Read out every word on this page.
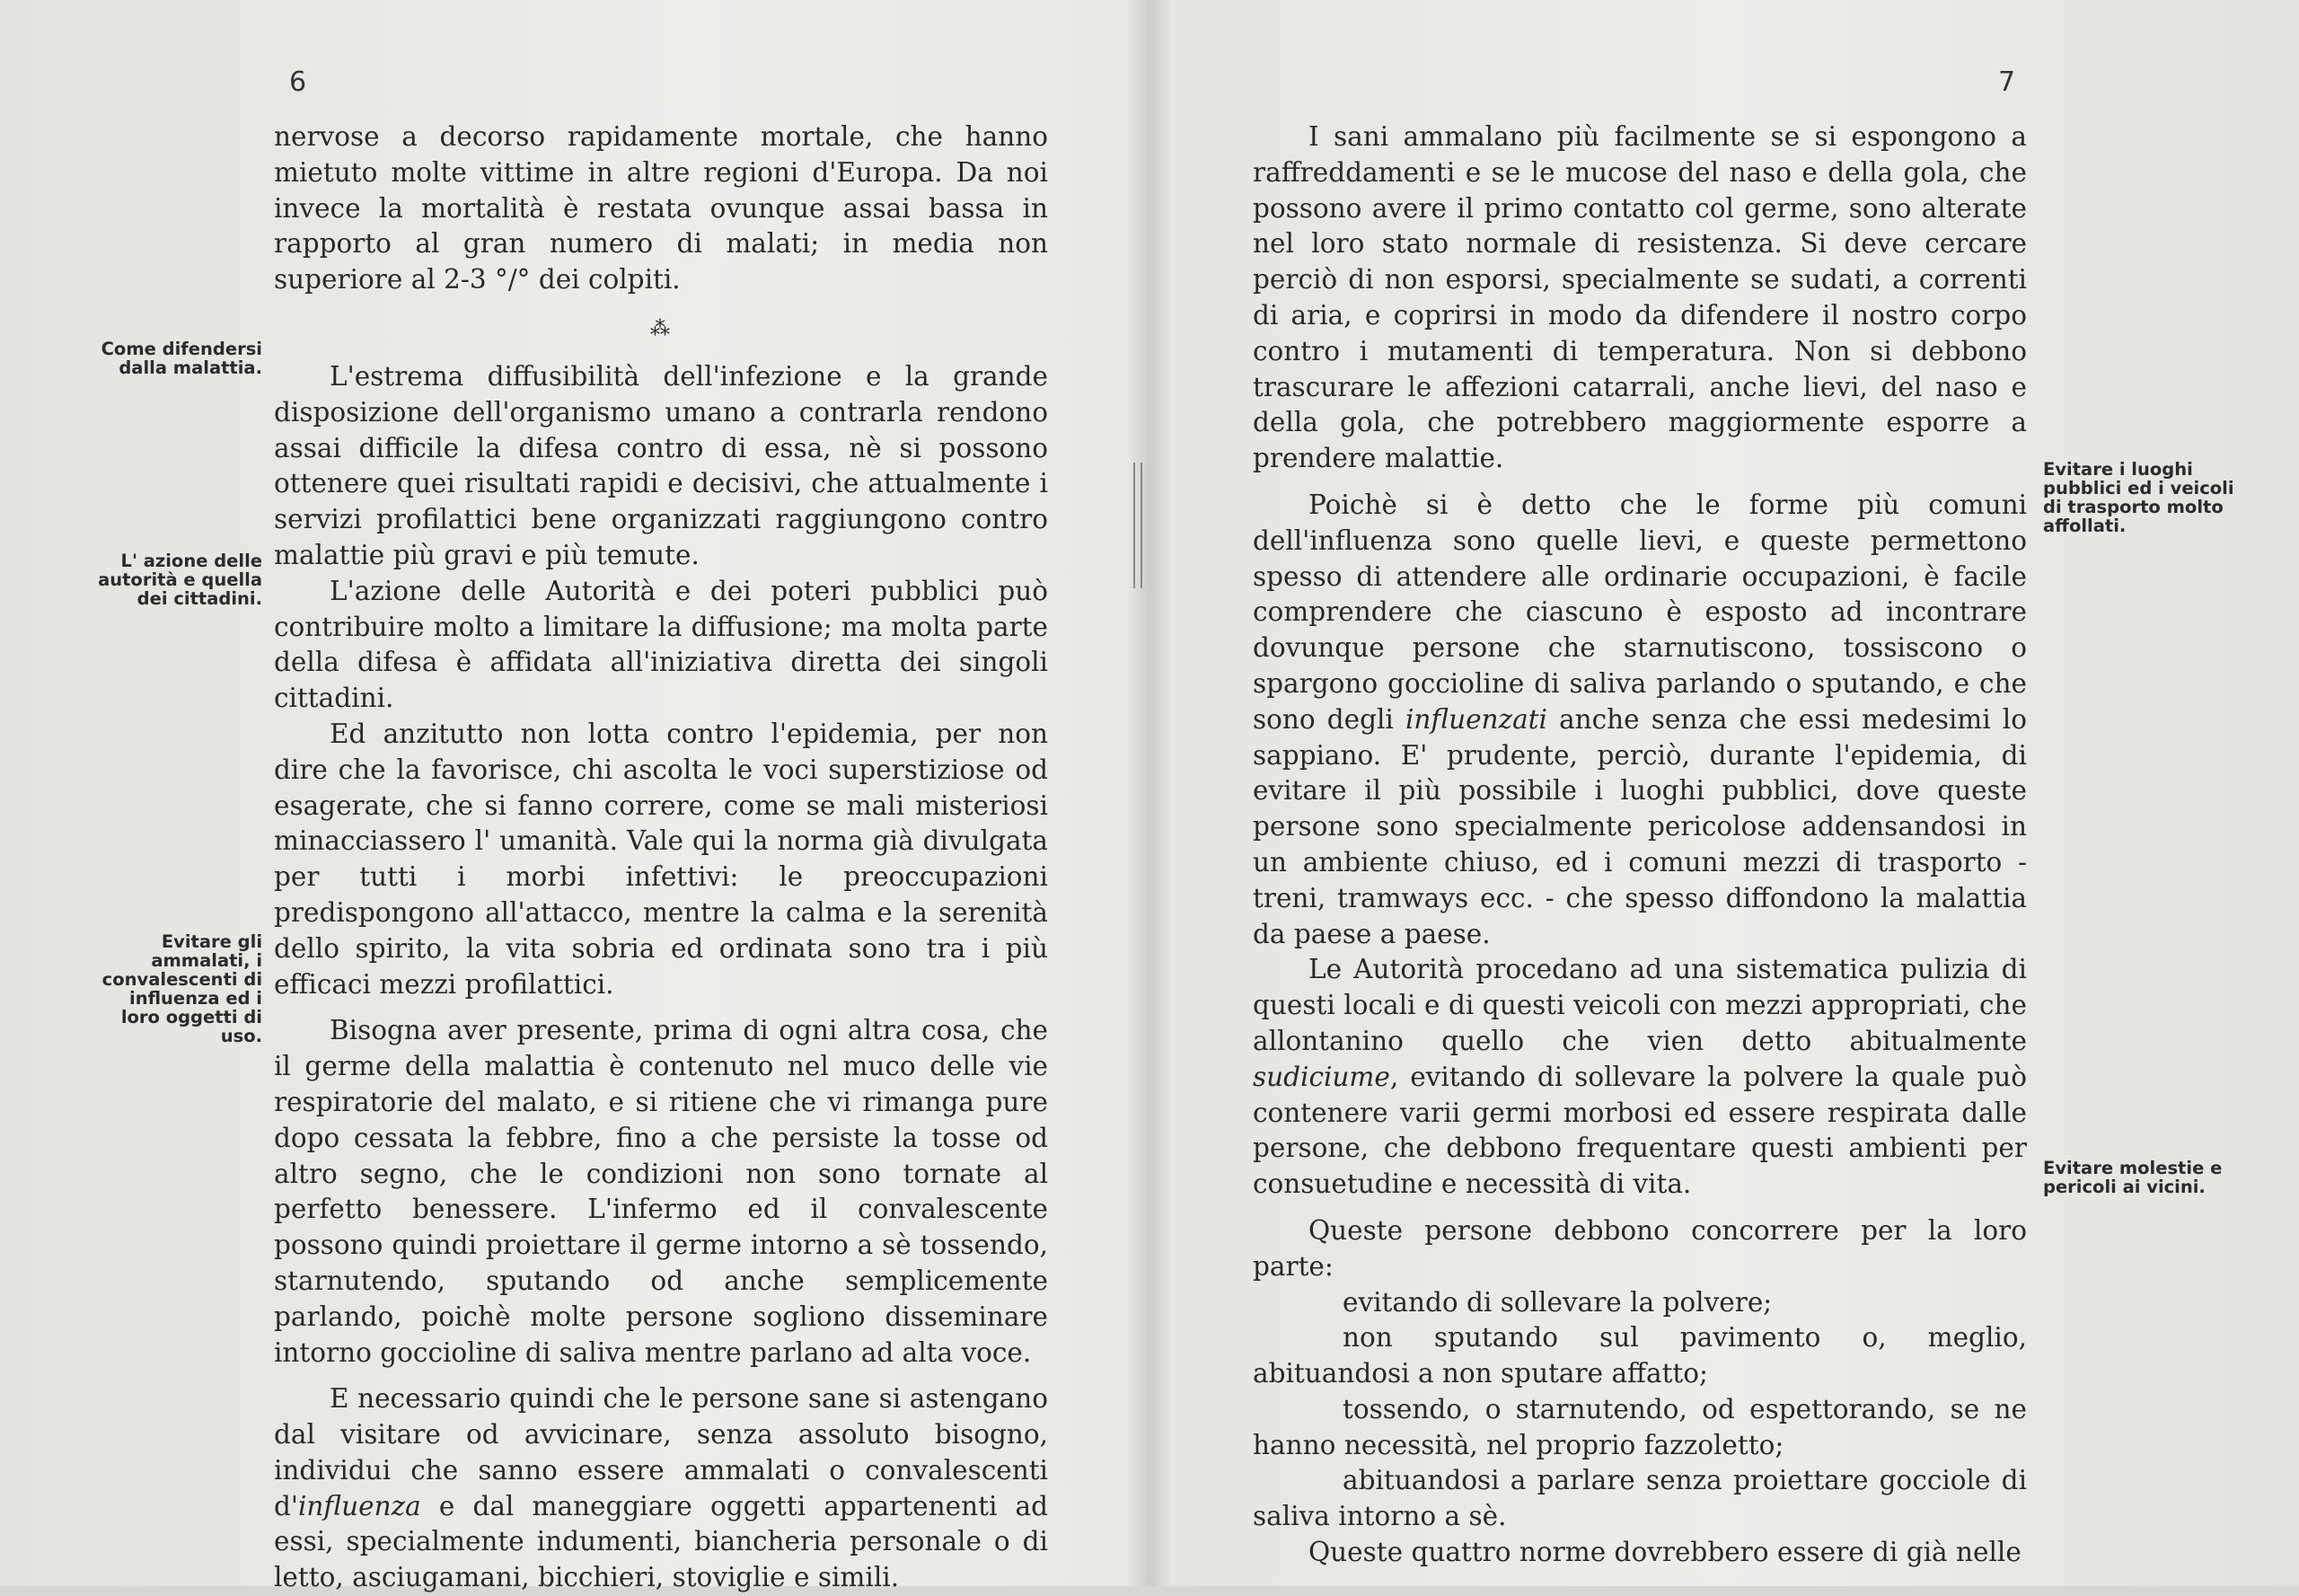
6
Come difendersi dalla malattia.
L' azione delle autorità e quella dei cittadini.
Evitare gli ammalati, i convalescenti di influenza ed i loro oggetti di uso.

nervose a decorso rapidamente mortale, che hanno mietuto molte vittime in altre regioni d'Europa. Da noi invece la mortalità è restata ovunque assai bassa in rapporto al gran numero di malati; in media non superiore al 2-3 °/° dei colpiti.

⁂

L'estrema diffusibilità dell'infezione e la grande disposizione dell'organismo umano a contrarla rendono assai difficile la difesa contro di essa, nè si possono ottenere quei risultati rapidi e decisivi, che attualmente i servizi profilattici bene organizzati raggiungono contro malattie più gravi e più temute.

L'azione delle Autorità e dei poteri pubblici può contribuire molto a limitare la diffusione; ma molta parte della difesa è affidata all'iniziativa diretta dei singoli cittadini.

Ed anzitutto non lotta contro l'epidemia, per non dire che la favorisce, chi ascolta le voci superstiziose od esagerate, che si fanno correre, come se mali misteriosi minacciassero l' umanità. Vale qui la norma già divulgata per tutti i morbi infettivi: le preoccupazioni predispongono all'attacco, mentre la calma e la serenità dello spirito, la vita sobria ed ordinata sono tra i più efficaci mezzi profilattici.

Bisogna aver presente, prima di ogni altra cosa, che il germe della malattia è contenuto nel muco delle vie respiratorie del malato, e si ritiene che vi rimanga pure dopo cessata la febbre, fino a che persiste la tosse od altro segno, che le condizioni non sono tornate al perfetto benessere. L'infermo ed il convalescente possono quindi proiettare il germe intorno a sè tossendo, starnutendo, sputando od anche semplicemente parlando, poichè molte persone sogliono disseminare intorno goccioline di saliva mentre parlano ad alta voce.

E necessario quindi che le persone sane si astengano dal visitare od avvicinare, senza assoluto bisogno, individui che sanno essere ammalati o convalescenti d'influenza e dal maneggiare oggetti appartenenti ad essi, specialmente indumenti, biancheria personale o di letto, asciugamani, bicchieri, stoviglie e simili.

7
Evitare i luoghi pubblici ed i veicoli di trasporto molto affollati.
Evitare molestie e pericoli ai vicini.

I sani ammalano più facilmente se si espongono a raffreddamenti e se le mucose del naso e della gola, che possono avere il primo contatto col germe, sono alterate nel loro stato normale di resistenza. Si deve cercare perciò di non esporsi, specialmente se sudati, a correnti di aria, e coprirsi in modo da difendere il nostro corpo contro i mutamenti di temperatura. Non si debbono trascurare le affezioni catarrali, anche lievi, del naso e della gola, che potrebbero maggiormente esporre a prendere malattie.

Poichè si è detto che le forme più comuni dell'influenza sono quelle lievi, e queste permettono spesso di attendere alle ordinarie occupazioni, è facile comprendere che ciascuno è esposto ad incontrare dovunque persone che starnutiscono, tossiscono o spargono goccioline di saliva parlando o sputando, e che sono degli influenzati anche senza che essi medesimi lo sappiano. E' prudente, perciò, durante l'epidemia, di evitare il più possibile i luoghi pubblici, dove queste persone sono specialmente pericolose addensandosi in un ambiente chiuso, ed i comuni mezzi di trasporto - treni, tramways ecc. - che spesso diffondono la malattia da paese a paese.

Le Autorità procedano ad una sistematica pulizia di questi locali e di questi veicoli con mezzi appropriati, che allontanino quello che vien detto abitualmente sudiciume, evitando di sollevare la polvere la quale può contenere varii germi morbosi ed essere respirata dalle persone, che debbono frequentare questi ambienti per consuetudine e necessità di vita.

Queste persone debbono concorrere per la loro parte:

evitando di sollevare la polvere;

non sputando sul pavimento o, meglio, abituandosi a non sputare affatto;

tossendo, o starnutendo, od espettorando, se ne hanno necessità, nel proprio fazzoletto;

abituandosi a parlare senza proiettare gocciole di saliva intorno a sè.

Queste quattro norme dovrebbero essere di già nelle
